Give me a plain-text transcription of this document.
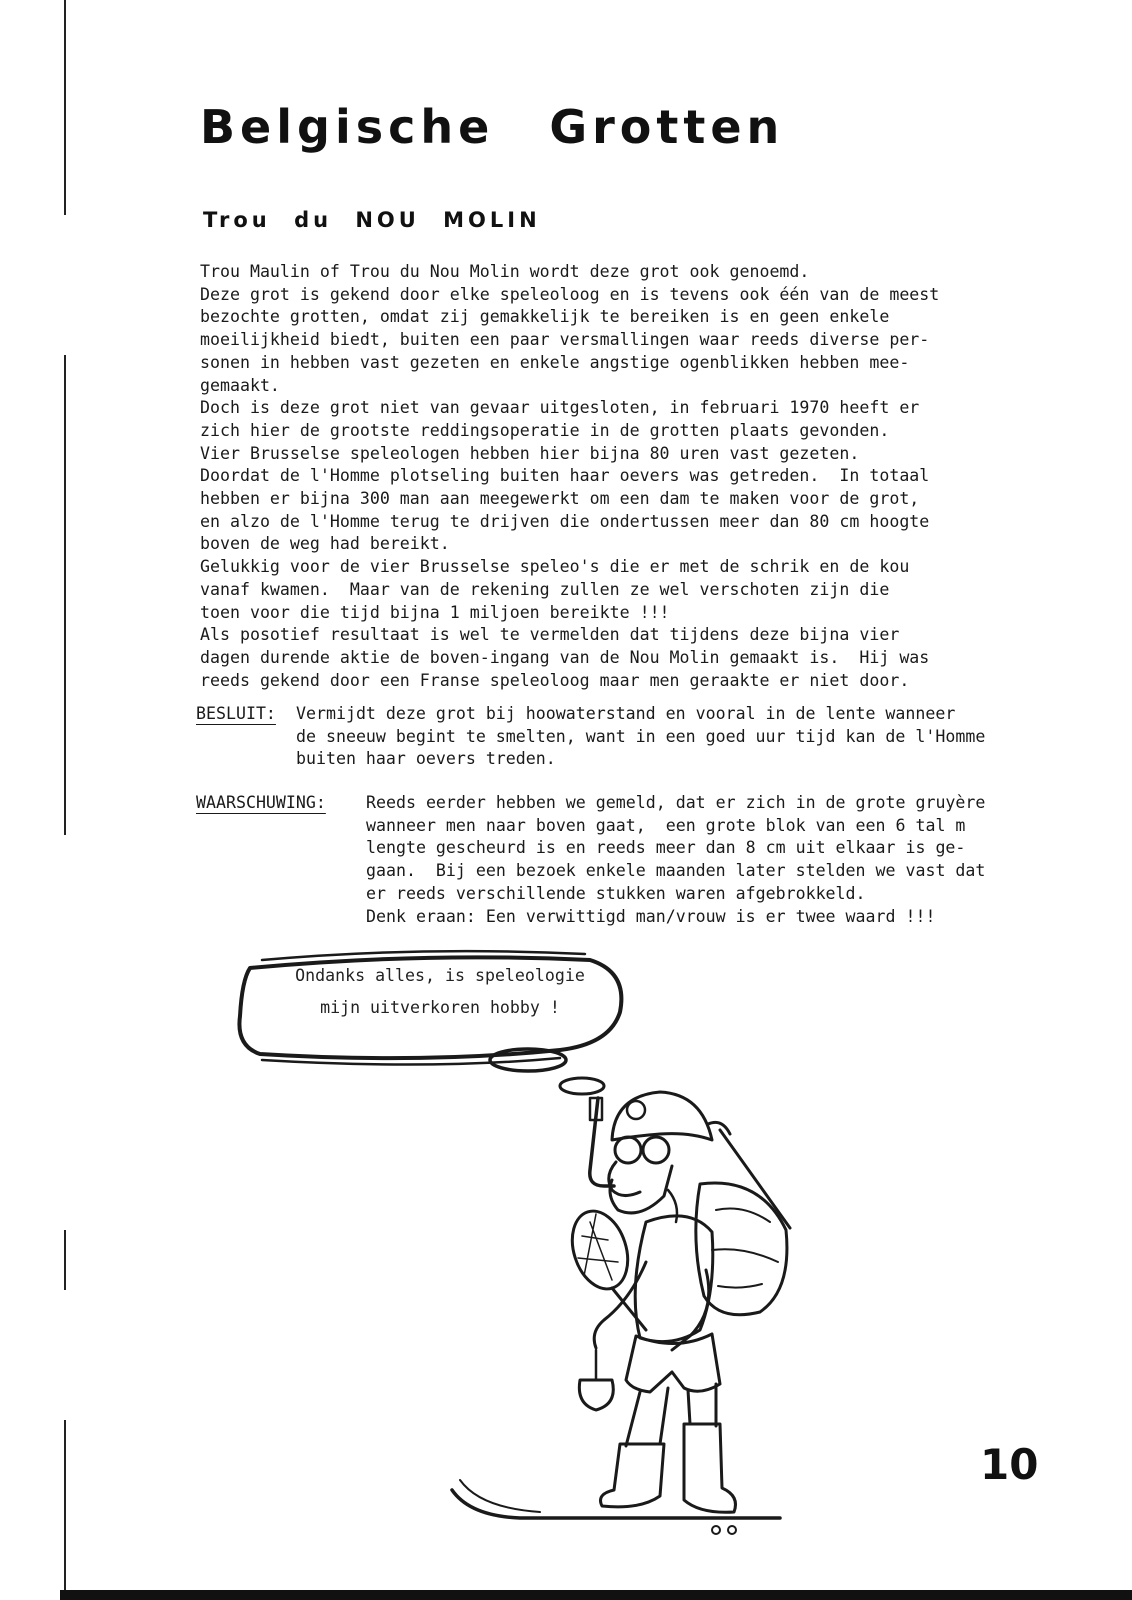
Belgische Grotten
Trou du NOU MOLIN

Trou Maulin of Trou du Nou Molin wordt deze grot ook genoemd.
Deze grot is gekend door elke speleoloog en is tevens ook één van de meest
bezochte grotten, omdat zij gemakkelijk te bereiken is en geen enkele
moeilijkheid biedt, buiten een paar versmallingen waar reeds diverse per-
sonen in hebben vast gezeten en enkele angstige ogenblikken hebben mee-
gemaakt.
Doch is deze grot niet van gevaar uitgesloten, in februari 1970 heeft er
zich hier de grootste reddingsoperatie in de grotten plaats gevonden.
Vier Brusselse speleologen hebben hier bijna 80 uren vast gezeten.
Doordat de l'Homme plotseling buiten haar oevers was getreden.  In totaal
hebben er bijna 300 man aan meegewerkt om een dam te maken voor de grot,
en alzo de l'Homme terug te drijven die ondertussen meer dan 80 cm hoogte
boven de weg had bereikt.
Gelukkig voor de vier Brusselse speleo's die er met de schrik en de kou
vanaf kwamen.  Maar van de rekening zullen ze wel verschoten zijn die
toen voor die tijd bijna 1 miljoen bereikte !!!
Als posotief resultaat is wel te vermelden dat tijdens deze bijna vier
dagen durende aktie de boven-ingang van de Nou Molin gemaakt is.  Hij was
reeds gekend door een Franse speleoloog maar men geraakte er niet door.

BESLUIT: Vermijdt deze grot bij hoowaterstand en vooral in de lente wanneer
de sneeuw begint te smelten, want in een goed uur tijd kan de l'Homme
buiten haar oevers treden.
WAARSCHUWING: Reeds eerder hebben we gemeld, dat er zich in de grote gruyère
wanneer men naar boven gaat,  een grote blok van een 6 tal m
lengte gescheurd is en reeds meer dan 8 cm uit elkaar is ge-
gaan.  Bij een bezoek enkele maanden later stelden we vast dat
er reeds verschillende stukken waren afgebrokkeld.
Denk eraan: Een verwittigd man/vrouw is er twee waard !!!
Ondanks alles, is speleologie
mijn uitverkoren hobby !
10
